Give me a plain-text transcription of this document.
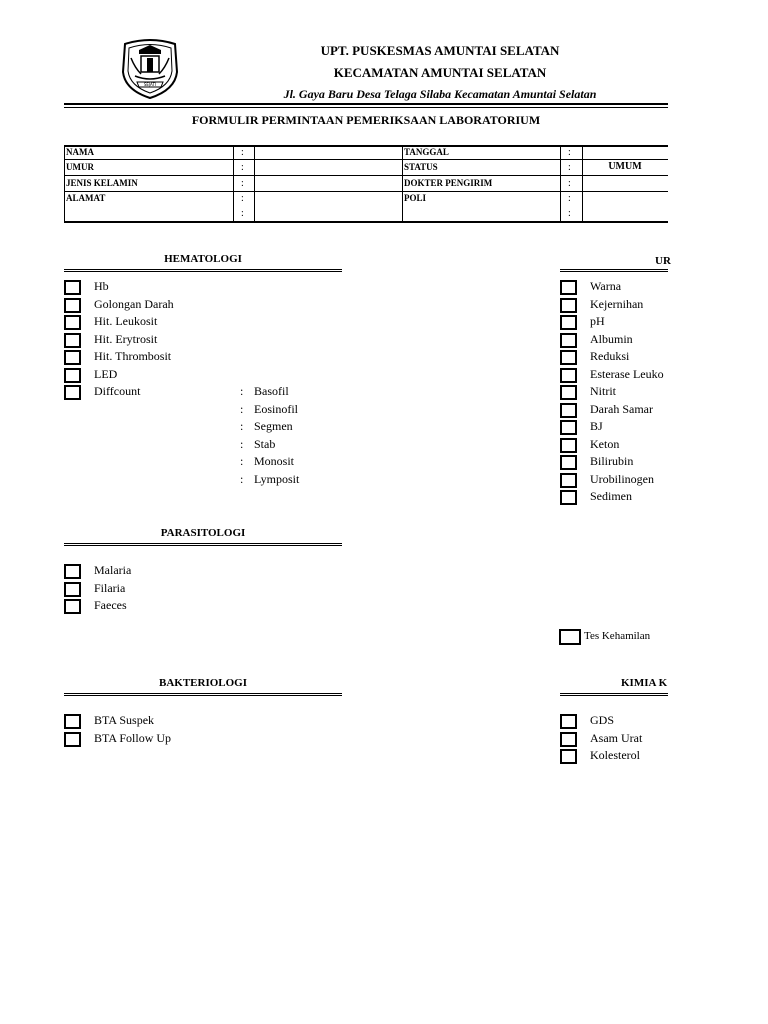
SEJATI
UPT. PUSKESMAS AMUNTAI SELATAN
KECAMATAN AMUNTAI SELATAN
Jl. Gaya Baru Desa Telaga Silaba Kecamatan Amuntai Selatan
FORMULIR PERMINTAAN PEMERIKSAAN LABORATORIUM
NAMA
UMUR
JENIS KELAMIN
ALAMAT
:
:
:
:
:
TANGGAL
STATUS
DOKTER PENGIRIM
POLI
:
:
:
:
:
UMUM
HEMATOLOGI
Hb
Golongan Darah
Hit. Leukosit
Hit. Erytrosit
Hit. Thrombosit
LED
Diffcount	: Basofil
: Eosinofil
: Segmen
: Stab
: Monosit
: Lymposit
UR
Warna
Kejernihan
pH
Albumin
Reduksi
Esterase Leuko
Nitrit
Darah Samar
BJ
Keton
Bilirubin
Urobilinogen
Sedimen
PARASITOLOGI
Malaria
Filaria
Faeces
Tes Kehamilan
BAKTERIOLOGI
BTA Suspek
BTA Follow Up
KIMIA K
GDS
Asam Urat
Kolesterol
